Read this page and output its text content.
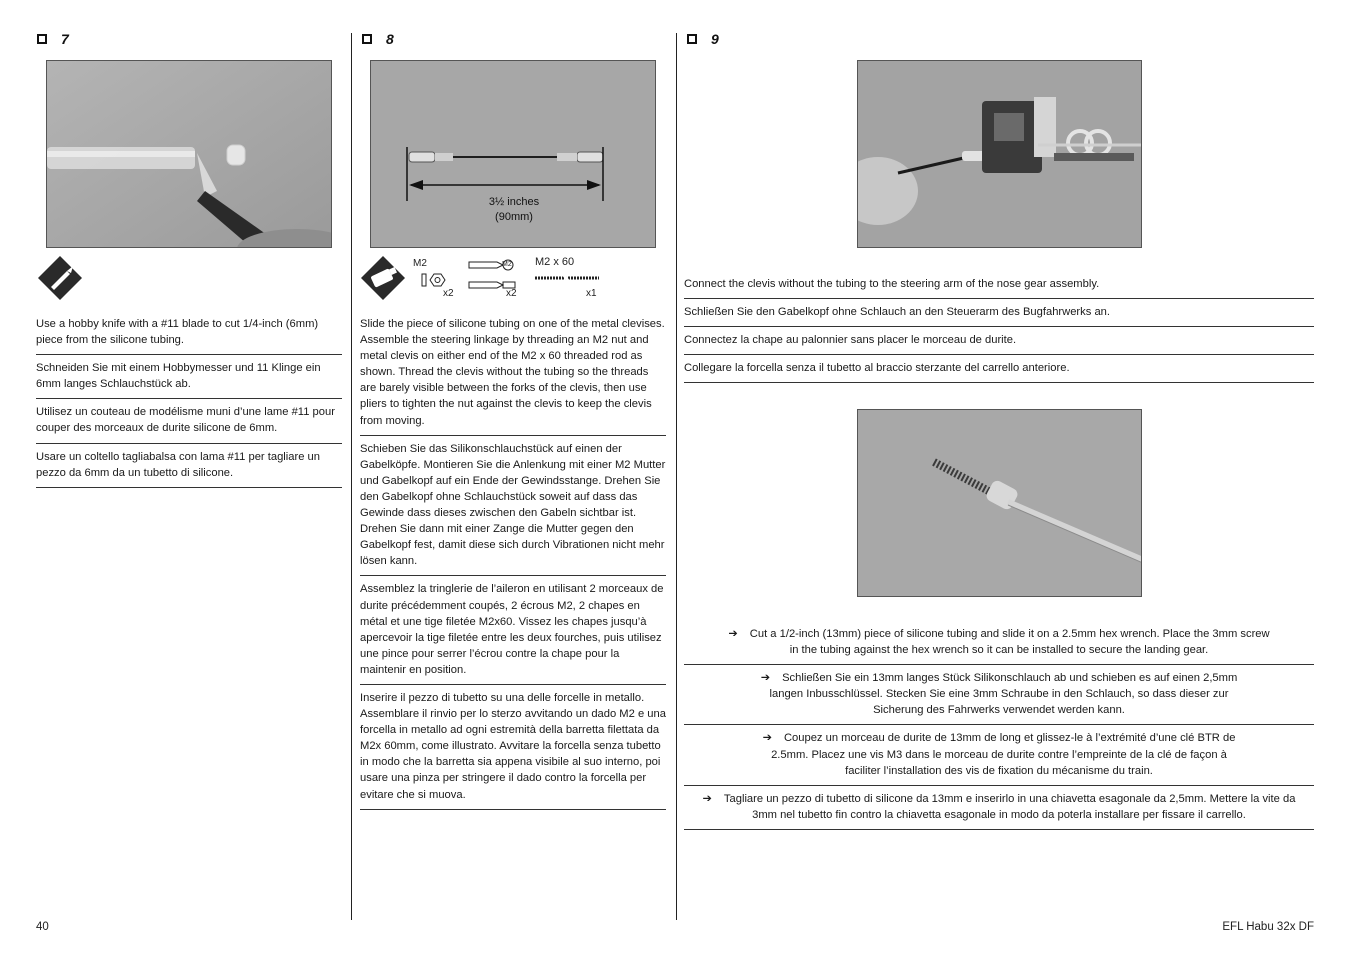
7
Use a hobby knife with a #11 blade to cut 1/4-inch (6mm) piece from the silicone tubing.
Schneiden Sie mit einem Hobbymesser und 11 Klinge ein 6mm langes Schlauchstück ab.
Utilisez un couteau de modélisme muni d’une lame #11 pour couper des morceaux de durite silicone de 6mm.
Usare un coltello tagliabalsa con lama #11 per tagliare un pezzo da 6mm da un tubetto di silicone.
8
3½ inches
(90mm)
M2
x2
M2
x2
M2 x 60
x1
Slide the piece of silicone tubing on one of the metal clevises. Assemble the steering linkage by threading an M2 nut and metal clevis on either end of the M2 x 60 threaded rod as shown. Thread the clevis without the tubing so the threads are barely visible between the forks of the clevis, then use pliers to tighten the nut against the clevis to keep the clevis from moving.
Schieben Sie das Silikonschlauchstück auf einen der Gabelköpfe. Montieren Sie die Anlenkung mit einer M2 Mutter und Gabelkopf auf ein Ende der Gewindsstange. Drehen Sie den Gabelkopf ohne Schlauchstück soweit auf dass das Gewinde dass dieses zwischen den Gabeln sichtbar ist. Drehen Sie dann mit einer Zange die Mutter gegen den Gabelkopf fest, damit diese sich durch Vibrationen nicht mehr lösen kann.
Assemblez la tringlerie de l’aileron en utilisant 2 morceaux de durite précédemment coupés, 2 écrous M2, 2 chapes en métal et une tige filetée M2x60. Vissez les chapes jusqu’à apercevoir la tige filetée entre les deux fourches, puis utilisez une pince pour serrer l’écrou contre la chape pour la maintenir en position.
Inserire il pezzo di tubetto su una delle forcelle in metallo. Assemblare il rinvio per lo sterzo avvitando un dado M2 e una forcella in metallo ad ogni estremità della barretta filettata da M2x 60mm, come illustrato. Avvitare la forcella senza tubetto in modo che la barretta sia appena visibile al suo interno, poi usare una pinza per stringere il dado contro la forcella per evitare che si muova.
9
Connect the clevis without the tubing to the steering arm of the nose gear assembly.
Schließen Sie den Gabelkopf ohne Schlauch an den Steuerarm des Bugfahrwerks an.
Connectez la chape au palonnier sans placer le morceau de durite.
Collegare la forcella senza il tubetto al braccio sterzante del carrello anteriore.
➔ Cut a 1/2-inch (13mm) piece of silicone tubing and slide it on a 2.5mm hex wrench. Place the 3mm screw in the tubing against the hex wrench so it can be installed to secure the landing gear.
➔ Schließen Sie ein 13mm langes Stück Silikonschlauch ab und schieben es auf einen 2,5mm langen Inbusschlüssel. Stecken Sie eine 3mm Schraube in den Schlauch, so dass dieser zur Sicherung des Fahrwerks verwendet werden kann.
➔ Coupez un morceau de durite de 13mm de long et glissez-le à l’extrémité d’une clé BTR de 2.5mm. Placez une vis M3 dans le morceau de durite contre l’empreinte de la clé de façon à faciliter l’installation des vis de fixation du mécanisme du train.
➔ Tagliare un pezzo di tubetto di silicone da 13mm e inserirlo in una chiavetta esagonale da 2,5mm. Mettere la vite da 3mm nel tubetto fin contro la chiavetta esagonale in modo da poterla installare per fissare il carrello.
40	EFL Habu 32x DF
